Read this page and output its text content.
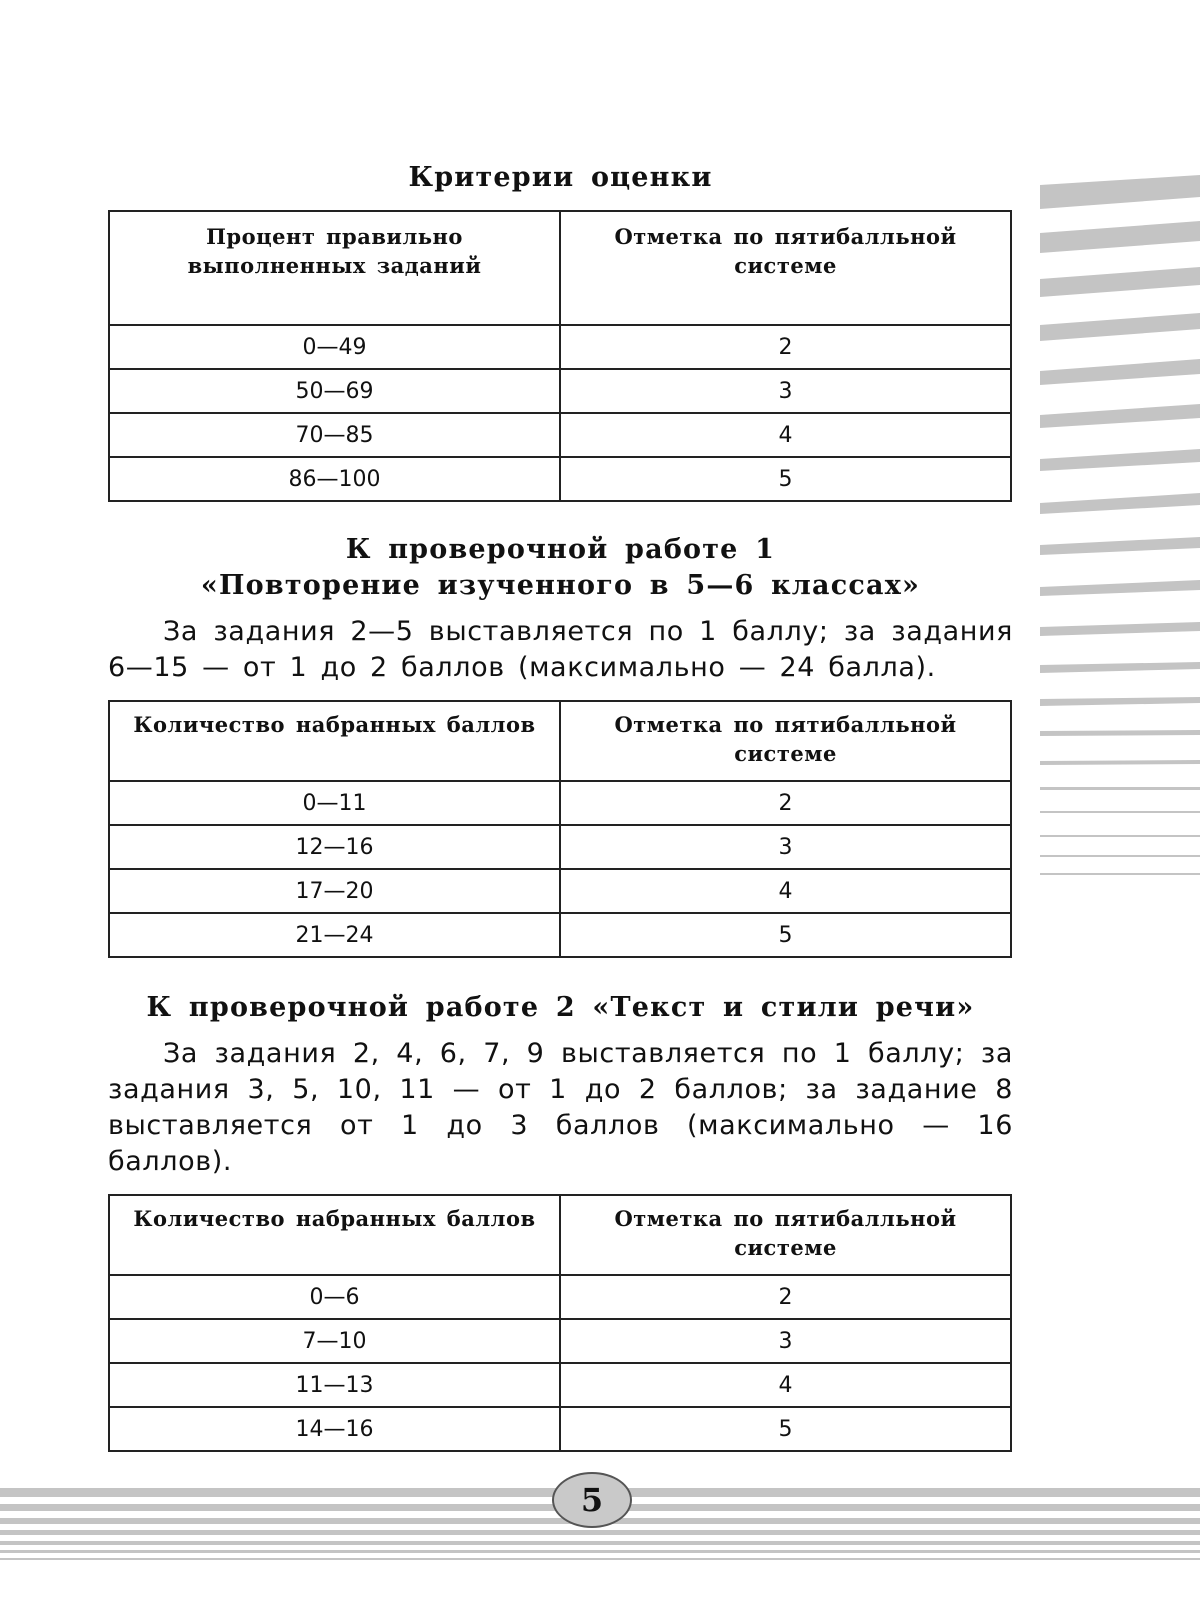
5
Критерии оценки
Процент правильно выполненных заданий	Отметка по пятибалльной системе
0—49	2
50—69	3
70—85	4
86—100	5
К проверочной работе 1
«Повторение изученного в 5—6 классах»

За задания 2—5 выставляется по 1 баллу; за задания 6—15 — от 1 до 2 баллов (максимально — 24 балла).

Количество набранных баллов	Отметка по пятибалльной системе
0—11	2
12—16	3
17—20	4
21—24	5
К проверочной работе 2 «Текст и стили речи»

За задания 2, 4, 6, 7, 9 выставляется по 1 баллу; за задания 3, 5, 10, 11 — от 1 до 2 баллов; за задание 8 выставляется от 1 до 3 баллов (максимально — 16 баллов).

Количество набранных баллов	Отметка по пятибалльной системе
0—6	2
7—10	3
11—13	4
14—16	5
